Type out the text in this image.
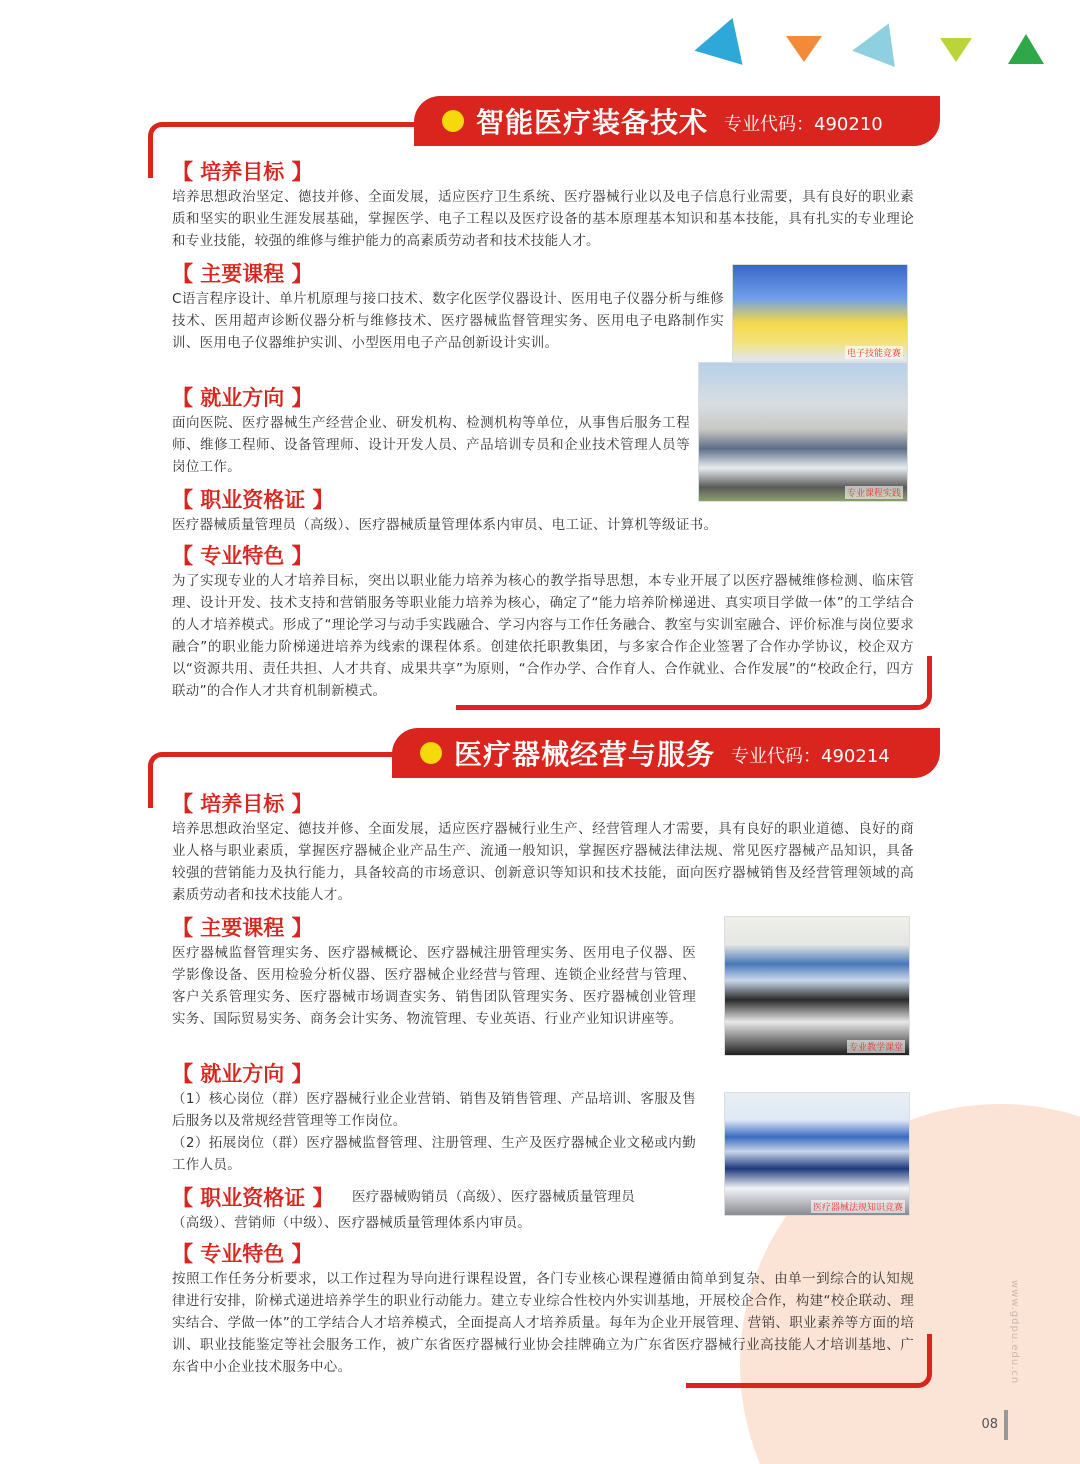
智能医疗装备技术 专业代码：490210
【 培养目标 】
培养思想政治坚定、德技并修、全面发展，适应医疗卫生系统、医疗器械行业以及电子信息行业需要，具有良好的职业素质和坚实的职业生涯发展基础，掌握医学、电子工程以及医疗设备的基本原理基本知识和基本技能，具有扎实的专业理论和专业技能，较强的维修与维护能力的高素质劳动者和技术技能人才。
【 主要课程 】
C语言程序设计、单片机原理与接口技术、数字化医学仪器设计、医用电子仪器分析与维修技术、医用超声诊断仪器分析与维修技术、医疗器械监督管理实务、医用电子电路制作实训、医用电子仪器维护实训、小型医用电子产品创新设计实训。
电子技能竞赛
专业课程实践
【 就业方向 】
面向医院、医疗器械生产经营企业、研发机构、检测机构等单位，从事售后服务工程师、维修工程师、设备管理师、设计开发人员、产品培训专员和企业技术管理人员等岗位工作。
【 职业资格证 】
医疗器械质量管理员（高级）、医疗器械质量管理体系内审员、电工证、计算机等级证书。
【 专业特色 】
为了实现专业的人才培养目标，突出以职业能力培养为核心的教学指导思想，本专业开展了以医疗器械维修检测、临床管理、设计开发、技术支持和营销服务等职业能力培养为核心，确定了“能力培养阶梯递进、真实项目学做一体”的工学结合的人才培养模式。形成了“理论学习与动手实践融合、学习内容与工作任务融合、教室与实训室融合、评价标准与岗位要求融合”的职业能力阶梯递进培养为线索的课程体系。创建依托职教集团，与多家合作企业签署了合作办学协议，校企双方以“资源共用、责任共担、人才共育、成果共享”为原则，“合作办学、合作育人、合作就业、合作发展”的“校政企行，四方联动”的合作人才共育机制新模式。
医疗器械经营与服务 专业代码：490214
【 培养目标 】
培养思想政治坚定、德技并修、全面发展，适应医疗器械行业生产、经营管理人才需要，具有良好的职业道德、良好的商业人格与职业素质，掌握医疗器械企业产品生产、流通一般知识，掌握医疗器械法律法规、常见医疗器械产品知识，具备较强的营销能力及执行能力，具备较高的市场意识、创新意识等知识和技术技能，面向医疗器械销售及经营管理领域的高素质劳动者和技术技能人才。
【 主要课程 】
医疗器械监督管理实务、医疗器械概论、医疗器械注册管理实务、医用电子仪器、医学影像设备、医用检验分析仪器、医疗器械企业经营与管理、连锁企业经营与管理、客户关系管理实务、医疗器械市场调查实务、销售团队管理实务、医疗器械创业管理实务、国际贸易实务、商务会计实务、物流管理、专业英语、行业产业知识讲座等。
专业教学课堂
医疗器械法规知识竞赛
【 就业方向 】
（1）核心岗位（群）医疗器械行业企业营销、销售及销售管理、产品培训、客服及售后服务以及常规经营管理等工作岗位。
（2）拓展岗位（群）医疗器械监督管理、注册管理、生产及医疗器械企业文秘或内勤工作人员。
【 职业资格证 】 医疗器械购销员（高级）、医疗器械质量管理员
（高级）、营销师（中级）、医疗器械质量管理体系内审员。
【 专业特色 】
按照工作任务分析要求，以工作过程为导向进行课程设置，各门专业核心课程遵循由简单到复杂、由单一到综合的认知规律进行安排，阶梯式递进培养学生的职业行动能力。建立专业综合性校内外实训基地，开展校企合作，构建“校企联动、理实结合、学做一体”的工学结合人才培养模式，全面提高人才培养质量。每年为企业开展管理、营销、职业素养等方面的培训、职业技能鉴定等社会服务工作，被广东省医疗器械行业协会挂牌确立为广东省医疗器械行业高技能人才培训基地、广东省中小企业技术服务中心。	www.gdpu.edu.cn
08
